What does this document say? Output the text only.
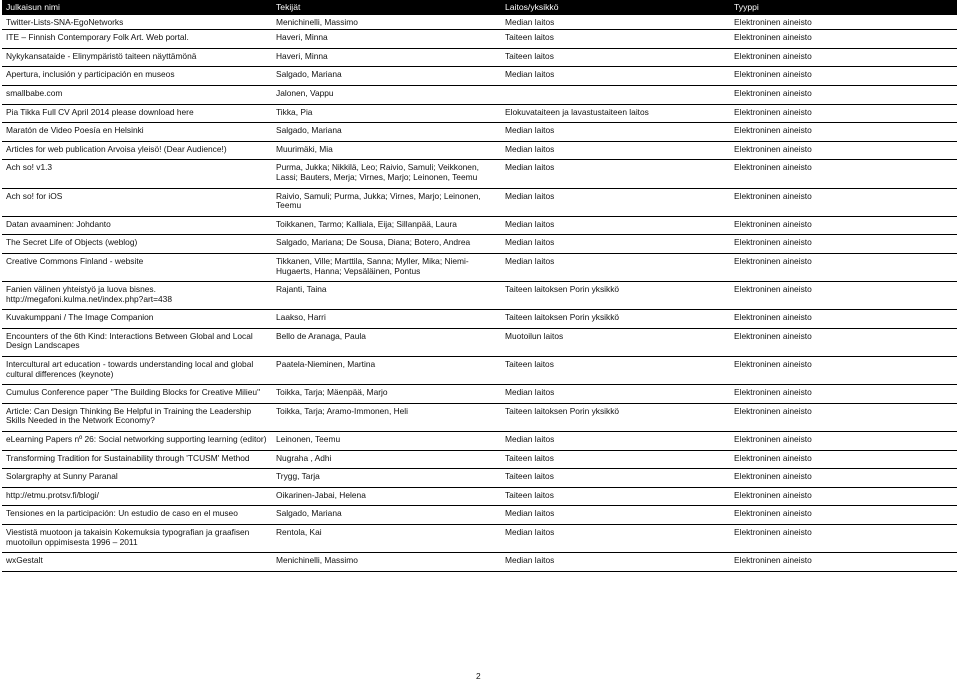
Julkaisun nimi	Tekijät	Laitos/yksikkö	Tyyppi
Twitter-Lists-SNA-EgoNetworks	Menichinelli, Massimo	Median laitos	Elektroninen aineisto
ITE – Finnish Contemporary Folk Art. Web portal.	Haveri, Minna	Taiteen laitos	Elektroninen aineisto
Nykykansataide - Elinympäristö taiteen näyttämönä	Haveri, Minna	Taiteen laitos	Elektroninen aineisto
Apertura, inclusión y participación en museos	Salgado, Mariana	Median laitos	Elektroninen aineisto
smallbabe.com	Jalonen, Vappu		Elektroninen aineisto
Pia Tikka Full CV April 2014 please download here	Tikka, Pia	Elokuvataiteen ja lavastustaiteen laitos	Elektroninen aineisto
Maratón de Video Poesía en Helsinki	Salgado, Mariana	Median laitos	Elektroninen aineisto
Articles for web publication Arvoisa yleisö! (Dear Audience!)	Muurimäki, Mia	Median laitos	Elektroninen aineisto
Ach so! v1.3	Purma, Jukka; Nikkilä, Leo; Raivio, Samuli; Veikkonen, Lassi; Bauters, Merja; Virnes, Marjo; Leinonen, Teemu	Median laitos	Elektroninen aineisto
Ach so! for iOS	Raivio, Samuli; Purma, Jukka; Virnes, Marjo; Leinonen, Teemu	Median laitos	Elektroninen aineisto
Datan avaaminen: Johdanto	Toikkanen, Tarmo; Kalliala, Eija; Sillanpää, Laura	Median laitos	Elektroninen aineisto
The Secret Life of Objects (weblog)	Salgado, Mariana; De Sousa, Diana; Botero, Andrea	Median laitos	Elektroninen aineisto
Creative Commons Finland - website	Tikkanen, Ville; Marttila, Sanna; Myller, Mika; Niemi-Hugaerts, Hanna; Vepsäläinen, Pontus	Median laitos	Elektroninen aineisto
Fanien välinen yhteistyö ja luova bisnes. http://megafoni.kulma.net/index.php?art=438	Rajanti, Taina	Taiteen laitoksen Porin yksikkö	Elektroninen aineisto
Kuvakumppani / The Image Companion	Laakso, Harri	Taiteen laitoksen Porin yksikkö	Elektroninen aineisto
Encounters of the 6th Kind: Interactions Between Global and Local Design Landscapes	Bello de Aranaga, Paula	Muotoilun laitos	Elektroninen aineisto
Intercultural art education - towards understanding local and global cultural differences (keynote)	Paatela-Nieminen, Martina	Taiteen laitos	Elektroninen aineisto
Cumulus Conference paper "The Building Blocks for Creative Milieu"	Toikka, Tarja; Mäenpää, Marjo	Median laitos	Elektroninen aineisto
Article: Can Design Thinking Be Helpful in Training the Leadership Skills Needed in the Network Economy?	Toikka, Tarja; Aramo-Immonen, Heli	Taiteen laitoksen Porin yksikkö	Elektroninen aineisto
eLearning Papers nº 26: Social networking supporting learning (editor)	Leinonen, Teemu	Median laitos	Elektroninen aineisto
Transforming Tradition for Sustainability through 'TCUSM' Method	Nugraha , Adhi	Taiteen laitos	Elektroninen aineisto
Solargraphy at Sunny Paranal	Trygg, Tarja	Taiteen laitos	Elektroninen aineisto
http://etmu.protsv.fi/blogi/	Oikarinen-Jabai, Helena	Taiteen laitos	Elektroninen aineisto
Tensiones en la participación: Un estudio de caso en el museo	Salgado, Mariana	Median laitos	Elektroninen aineisto
Viestistä muotoon ja takaisin Kokemuksia typografian ja graafisen muotoilun oppimisesta 1996 – 2011	Rentola, Kai	Median laitos	Elektroninen aineisto
wxGestalt	Menichinelli, Massimo	Median laitos	Elektroninen aineisto
2
